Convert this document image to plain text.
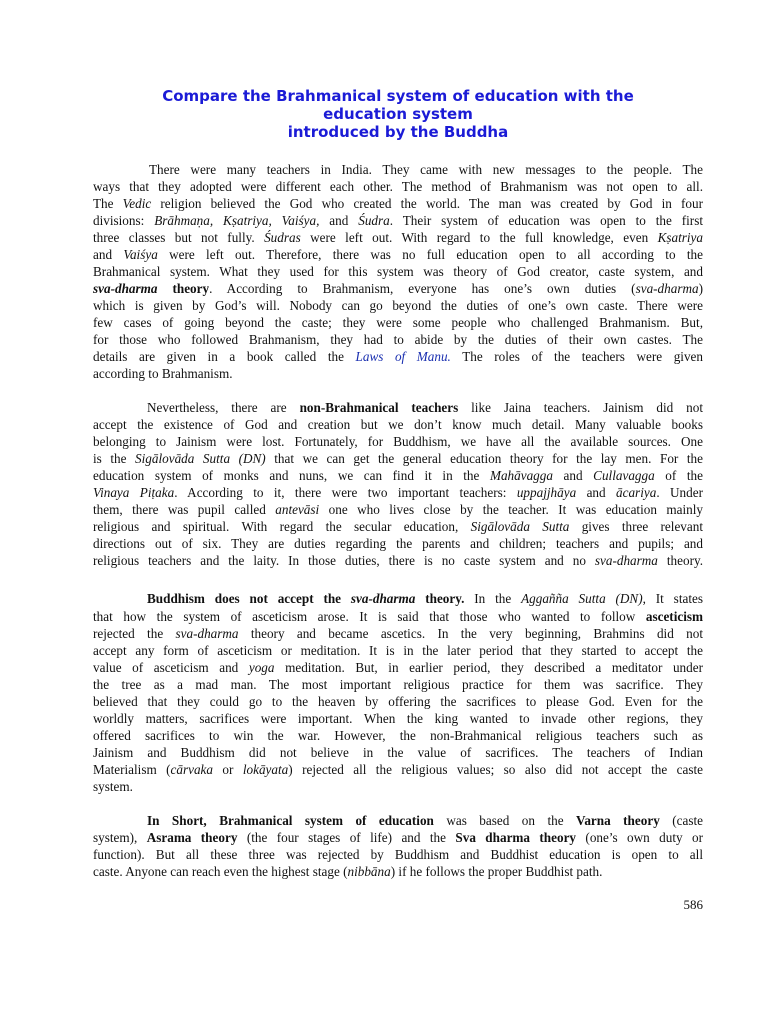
Compare the Brahmanical system of education with the
education system
introduced by the Buddha

There were many teachers in India. They came with new messages to the people. The

ways that they adopted were different each other. The method of Brahmanism was not open to all.

The Vedic religion believed the God who created the world. The man was created by God in four

divisions: Brāhmaṇa, Kṣatriya, Vaiśya, and Śudra. Their system of education was open to the first

three classes but not fully. Śudras were left out. With regard to the full knowledge, even Kṣatriya

and Vaiśya were left out. Therefore, there was no full education open to all according to the

Brahmanical system. What they used for this system was theory of God creator, caste system, and

sva-dharma theory. According to Brahmanism, everyone has one’s own duties (sva-dharma)

which is given by God’s will. Nobody can go beyond the duties of one’s own caste. There were

few cases of going beyond the caste; they were some people who challenged Brahmanism. But,

for those who followed Brahmanism, they had to abide by the duties of their own castes. The

details are given in a book called the Laws of Manu. The roles of the teachers were given

according to Brahmanism.

Nevertheless, there are non-Brahmanical teachers like Jaina teachers. Jainism did not

accept the existence of God and creation but we don’t know much detail. Many valuable books

belonging to Jainism were lost. Fortunately, for Buddhism, we have all the available sources. One

is the Sigālovāda Sutta (DN) that we can get the general education theory for the lay men. For the

education system of monks and nuns, we can find it in the Mahāvagga and Cullavagga of the

Vinaya Piṭaka. According to it, there were two important teachers: uppajjhāya and ācariya. Under

them, there was pupil called antevāsi one who lives close by the teacher. It was education mainly

religious and spiritual. With regard the secular education, Sigālovāda Sutta gives three relevant

directions out of six. They are duties regarding the parents and children; teachers and pupils; and

religious teachers and the laity. In those duties, there is no caste system and no sva-dharma theory.

Buddhism does not accept the sva-dharma theory. In the Aggañña Sutta (DN), It states

that how the system of asceticism arose. It is said that those who wanted to follow asceticism

rejected the sva-dharma theory and became ascetics. In the very beginning, Brahmins did not

accept any form of asceticism or meditation. It is in the later period that they started to accept the

value of asceticism and yoga meditation. But, in earlier period, they described a meditator under

the tree as a mad man. The most important religious practice for them was sacrifice. They

believed that they could go to the heaven by offering the sacrifices to please God. Even for the

worldly matters, sacrifices were important. When the king wanted to invade other regions, they

offered sacrifices to win the war. However, the non-Brahmanical religious teachers such as

Jainism and Buddhism did not believe in the value of sacrifices. The teachers of Indian

Materialism (cārvaka or lokāyata) rejected all the religious values; so also did not accept the caste

system.

In Short, Brahmanical system of education was based on the Varna theory (caste

system), Asrama theory (the four stages of life) and the Sva dharma theory (one’s own duty or

function). But all these three was rejected by Buddhism and Buddhist education is open to all

caste. Anyone can reach even the highest stage (nibbāna) if he follows the proper Buddhist path.

586
